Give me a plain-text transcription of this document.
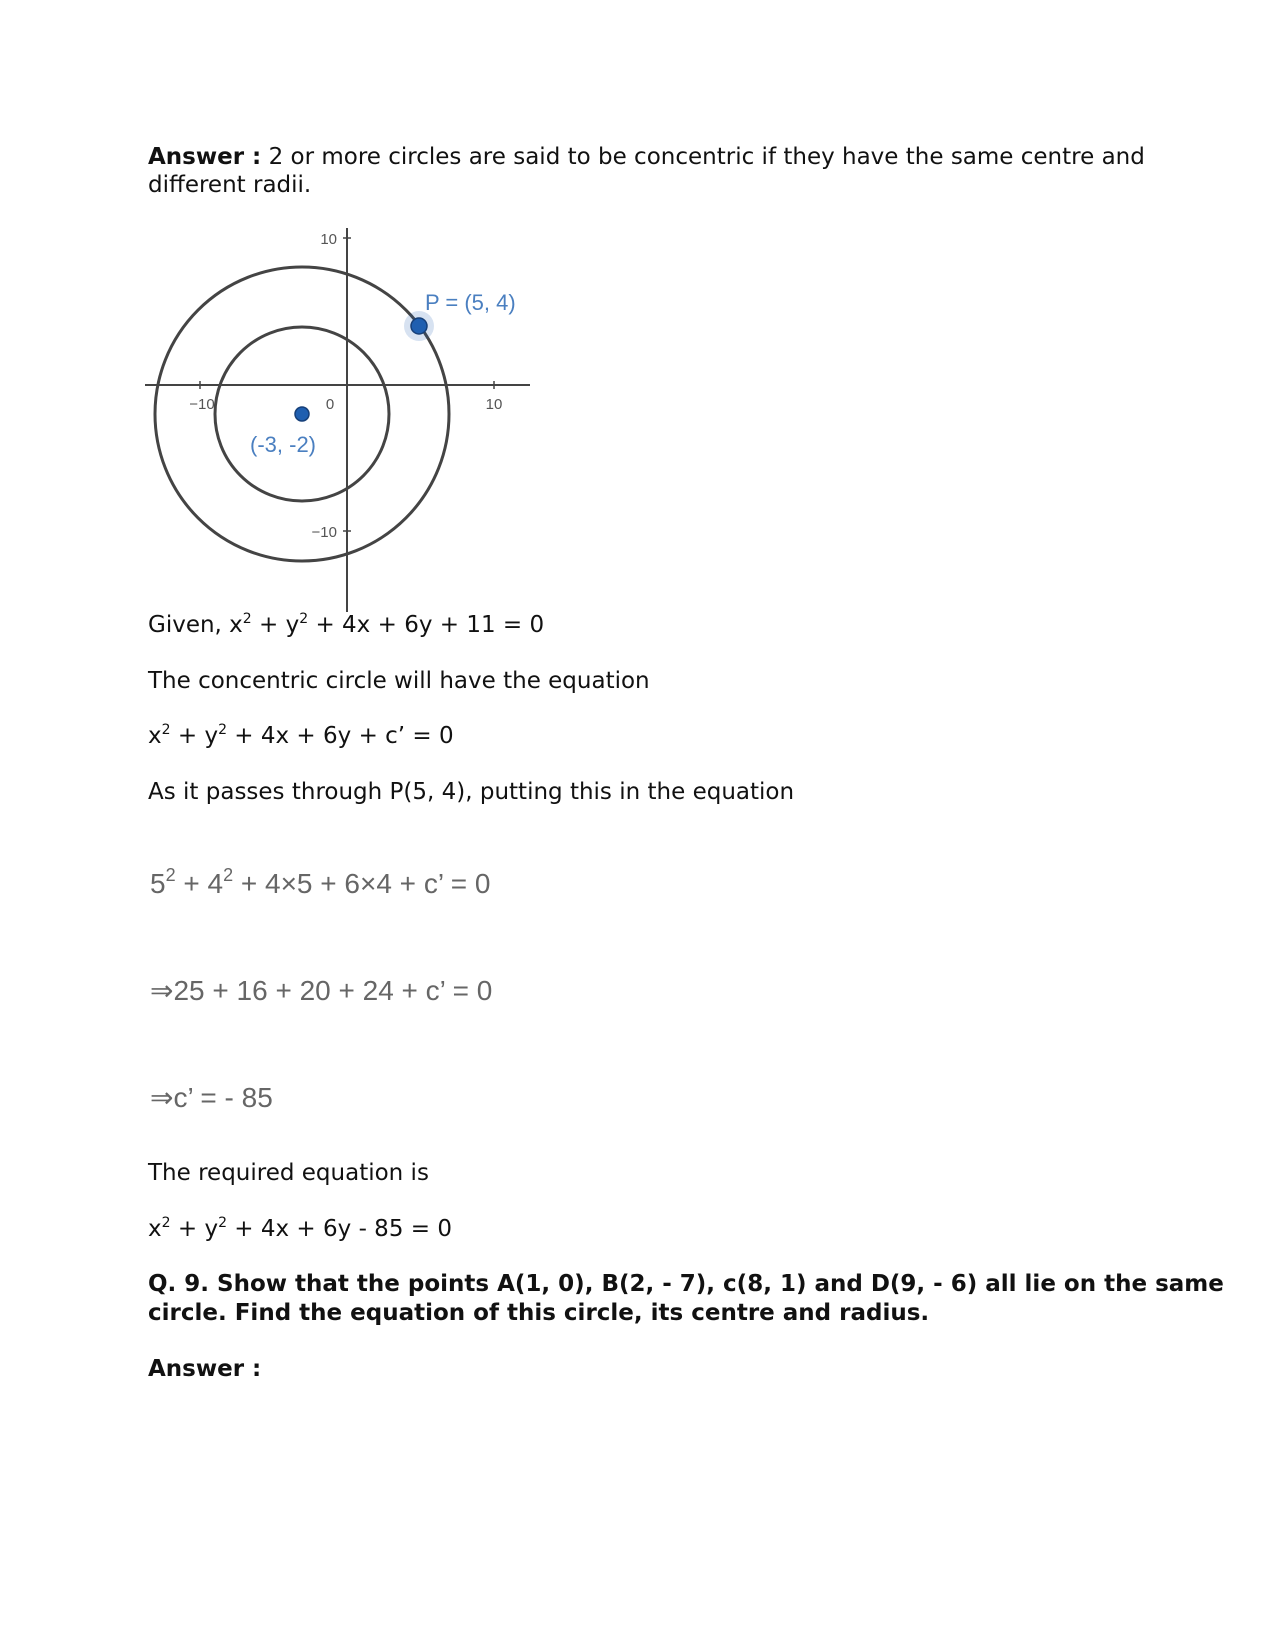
Answer : 2 or more circles are said to be concentric if they have the same centre and
different radii.
10
−10
−10	0	10
P = (5, 4)
(-3, -2)
Given, $x^2 + y^2 + 4x + 6y + 11 = 0$
The concentric circle will have the equation
$x^2 + y^2 + 4x + 6y + c$’ = 0
As it passes through P(5, 4), putting this in the equation
$5^2 + 4^2 + 4\times 5 + 6\times 4 + c$’ = 0
⇒25 + 16 + 20 + 24 + c’ = 0
⇒c’ = - 85
The required equation is
$x^2 + y^2 + 4x + 6y - 85 = 0$
Q. 9. Show that the points A(1, 0), B(2, - 7), c(8, 1) and D(9, - 6) all lie on the same
circle. Find the equation of this circle, its centre and radius.
Answer :
